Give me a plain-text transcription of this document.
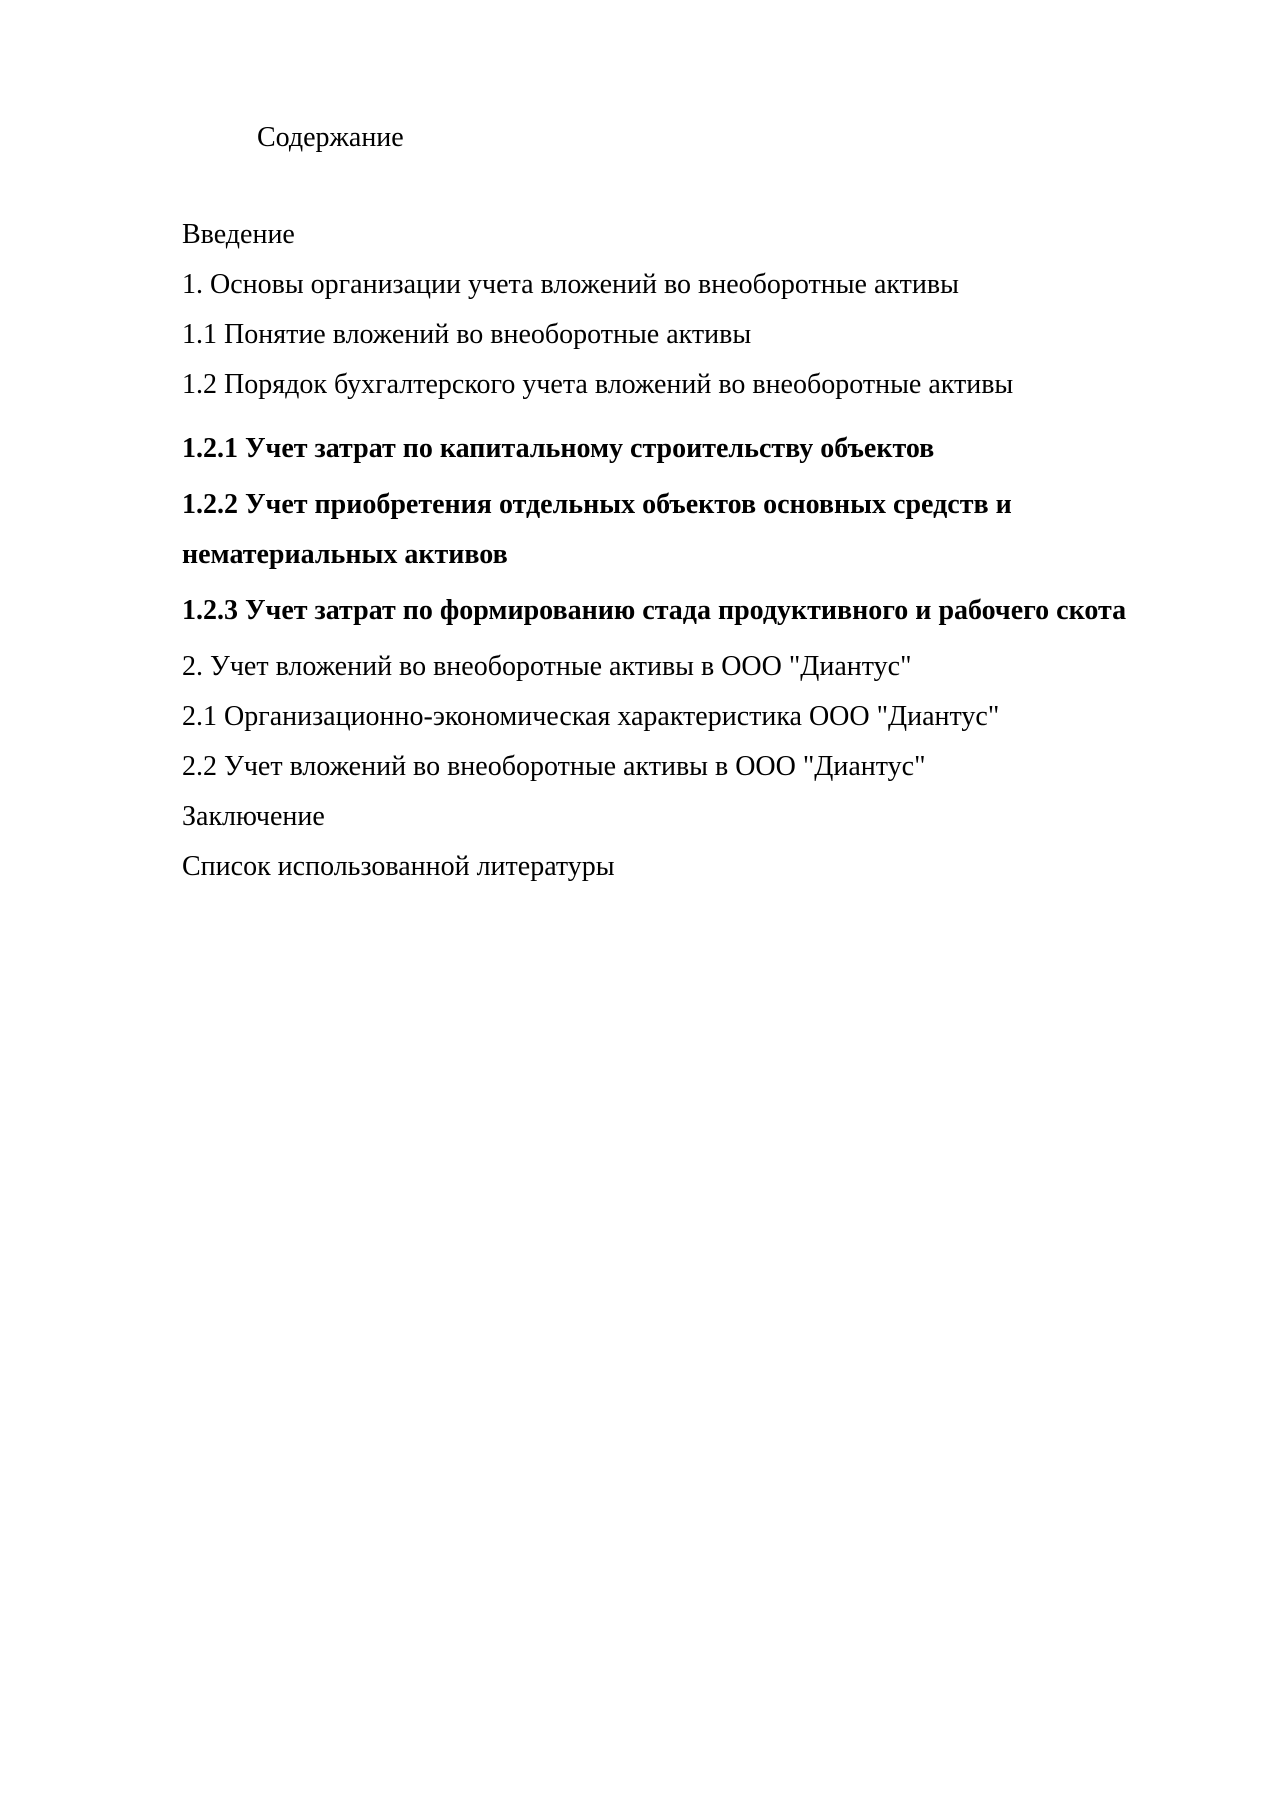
Содержание
Введение
1. Основы организации учета вложений во внеоборотные активы
1.1 Понятие вложений во внеоборотные активы
1.2 Порядок бухгалтерского учета вложений во внеоборотные активы
1.2.1 Учет затрат по капитальному строительству объектов
1.2.2 Учет приобретения отдельных объектов основных средств и нематериальных активов
1.2.3 Учет затрат по формированию стада продуктивного и рабочего скота
2. Учет вложений во внеоборотные активы в ООО "Диантус"
2.1 Организационно-экономическая характеристика ООО "Диантус"
2.2 Учет вложений во внеоборотные активы в ООО "Диантус"
Заключение
Список использованной литературы
